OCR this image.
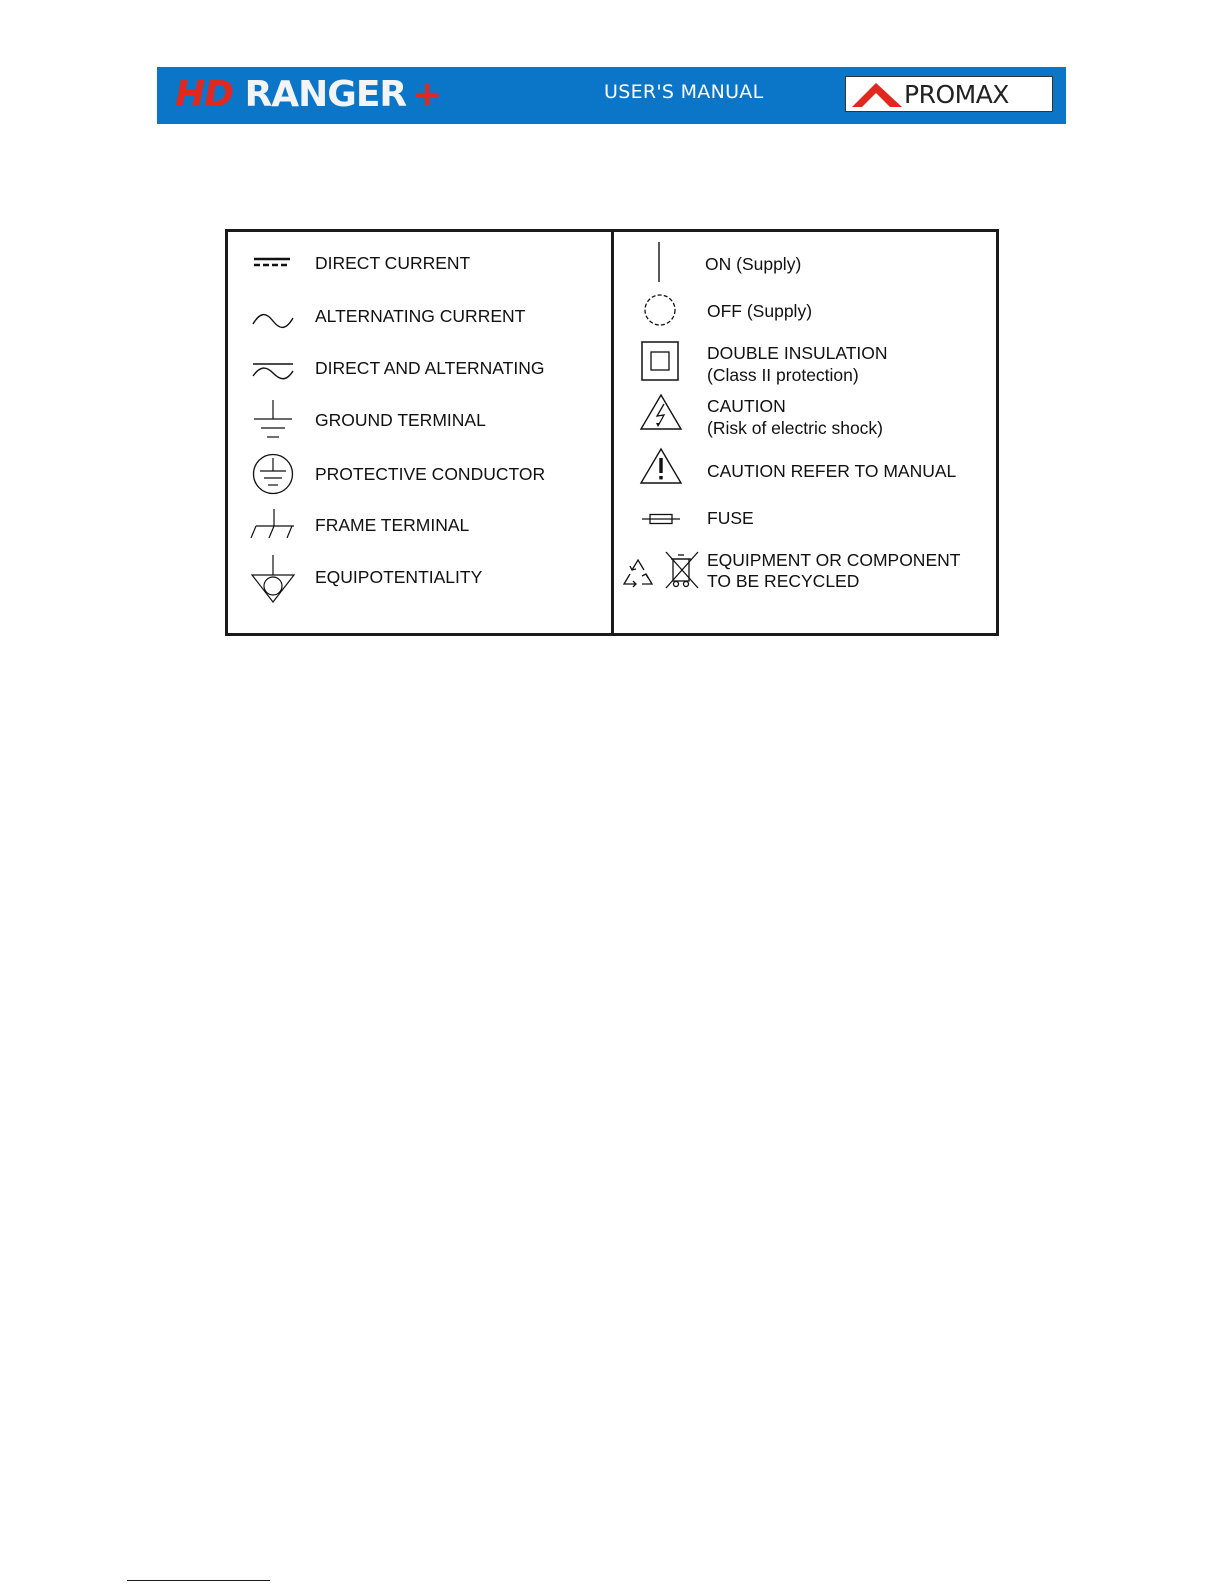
HD RANGER +	USER'S MANUAL	PROMAX
DIRECT CURRENT
ALTERNATING CURRENT
DIRECT AND ALTERNATING
GROUND TERMINAL
PROTECTIVE CONDUCTOR
FRAME TERMINAL
EQUIPOTENTIALITY
ON (Supply)
OFF (Supply)
DOUBLE INSULATION
(Class II protection)
CAUTION
(Risk of electric shock)
CAUTION REFER TO MANUAL
FUSE
EQUIPMENT OR COMPONENT
TO BE RECYCLED
